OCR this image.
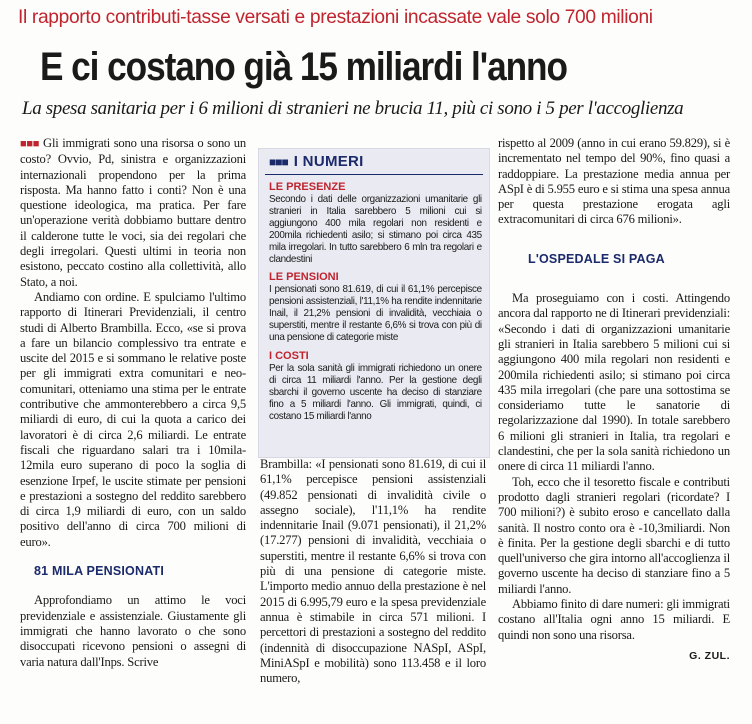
Il rapporto contributi-tasse versati e prestazioni incassate vale solo 700 milioni
E ci costano già 15 miliardi l'anno
La spesa sanitaria per i 6 milioni di stranieri ne brucia 11, più ci sono i 5 per l'accoglienza

■■■ Gli immigrati sono una risorsa o sono un costo? Ovvio, Pd, sinistra e organizzazioni internazionali propendono per la prima risposta. Ma hanno fatto i conti? Non è una questione ideologica, ma pratica. Per fare un'operazione verità dobbiamo buttare dentro il calderone tutte le voci, sia dei regolari che degli irregolari. Questi ultimi in teoria non esistono, peccato costino alla collettività, allo Stato, a noi.

Andiamo con ordine. E spulciamo l'ultimo rapporto di Itinerari Previdenziali, il centro studi di Alberto Brambilla. Ecco, «se si prova a fare un bilancio complessivo tra entrate e uscite del 2015 e si sommano le relative poste per gli immigrati extra comunitari e neo-comunitari, otteniamo una stima per le entrate contributive che ammonterebbero a circa 9,5 miliardi di euro, di cui la quota a carico dei lavoratori è di circa 2,6 miliardi. Le entrate fiscali che riguardano salari tra i 10mila-12mila euro superano di poco la soglia di esenzione Irpef, le uscite stimate per pensioni e prestazioni a sostegno del reddito sarebbero di circa 1,9 miliardi di euro, con un saldo positivo dell'anno di circa 700 milioni di euro».

81 MILA PENSIONATI

Approfondiamo un attimo le voci previdenziale e assistenziale. Giustamente gli immigrati che hanno lavorato o che sono disoccupati ricevono pensioni o assegni di varia natura dall'Inps. Scrive

■■■ I NUMERI
LE PRESENZE
Secondo i dati delle organizzazioni umanitarie gli stranieri in Italia sarebbero 5 milioni cui si aggiungono 400 mila regolari non residenti e 200mila richiedenti asilo; si stimano poi circa 435 mila irregolari. In tutto sarebbero 6 mln tra regolari e clandestini
LE PENSIONI
I pensionati sono 81.619, di cui il 61,1% percepisce pensioni assistenziali, l'11,1% ha rendite indennitarie Inail, il 21,2% pensioni di invalidità, vecchiaia o superstiti, mentre il restante 6,6% si trova con più di una pensione di categorie miste
I COSTI
Per la sola sanità gli immigrati richiedono un onere di circa 11 miliardi l'anno. Per la gestione degli sbarchi il governo uscente ha deciso di stanziare fino a 5 miliardi l'anno. Gli immigrati, quindi, ci costano 15 miliardi l'anno

Brambilla: «I pensionati sono 81.619, di cui il 61,1% percepisce pensioni assistenziali (49.852 pensionati di invalidità civile o assegno sociale), l'11,1% ha rendite indennitarie Inail (9.071 pensionati), il 21,2% (17.277) pensioni di invalidità, vecchiaia o superstiti, mentre il restante 6,6% si trova con più di una pensione di categorie miste. L'importo medio annuo della prestazione è nel 2015 di 6.995,79 euro e la spesa previdenziale annua è stimabile in circa 571 milioni. I percettori di prestazioni a sostegno del reddito (indennità di disoccupazione NASpI, ASpI, MiniASpI e mobilità) sono 113.458 e il loro numero,

rispetto al 2009 (anno in cui erano 59.829), si è incrementato nel tempo del 90%, fino quasi a raddoppiare. La prestazione media annua per ASpI è di 5.955 euro e si stima una spesa annua per questa prestazione erogata agli extracomunitari di circa 676 milioni».

L'OSPEDALE SI PAGA

Ma proseguiamo con i costi. Attingendo ancora dal rapporto ne di Itinerari previdenziali: «Secondo i dati di organizzazioni umanitarie gli stranieri in Italia sarebbero 5 milioni cui si aggiungono 400 mila regolari non residenti e 200mila richiedenti asilo; si stimano poi circa 435 mila irregolari (che pare una sottostima se consideriamo tutte le sanatorie di regolarizzazione dal 1990). In totale sarebbero 6 milioni gli stranieri in Italia, tra regolari e clandestini, che per la sola sanità richiedono un onere di circa 11 miliardi l'anno.

Toh, ecco che il tesoretto fiscale e contributi prodotto dagli stranieri regolari (ricordate? I 700 milioni?) è subito eroso e cancellato dalla sanità. Il nostro conto ora è -10,3miliardi. Non è finita. Per la gestione degli sbarchi e di tutto quell'universo che gira intorno all'accoglienza il governo uscente ha deciso di stanziare fino a 5 miliardi l'anno.

Abbiamo finito di dare numeri: gli immigrati costano all'Italia ogni anno 15 miliardi. E quindi non sono una risorsa.

G. ZUL.
